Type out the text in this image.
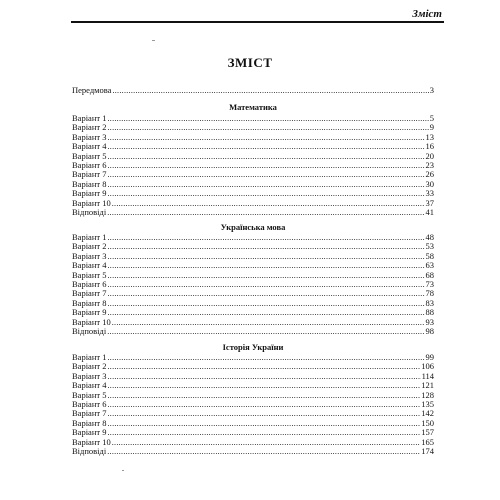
Зміст
ЗМІСТ
Передмова .....	3
Математика
Варіант 1 .....	5
Варіант 2 .....	9
Варіант 3 .....	13
Варіант 4 .....	16
Варіант 5 .....	20
Варіант 6 .....	23
Варіант 7 .....	26
Варіант 8 .....	30
Варіант 9 .....	33
Варіант 10 .....	37
Відповіді .....	41
Українська мова
Варіант 1 .....	48
Варіант 2 .....	53
Варіант 3 .....	58
Варіант 4 .....	63
Варіант 5 .....	68
Варіант 6 .....	73
Варіант 7 .....	78
Варіант 8 .....	83
Варіант 9 .....	88
Варіант 10 .....	93
Відповіді .....	98
Історія України
Варіант 1 .....	99
Варіант 2 .....	106
Варіант 3 .....	114
Варіант 4 .....	121
Варіант 5 .....	128
Варіант 6 .....	135
Варіант 7 .....	142
Варіант 8 .....	150
Варіант 9 .....	157
Варіант 10 .....	165
Відповіді .....	174
